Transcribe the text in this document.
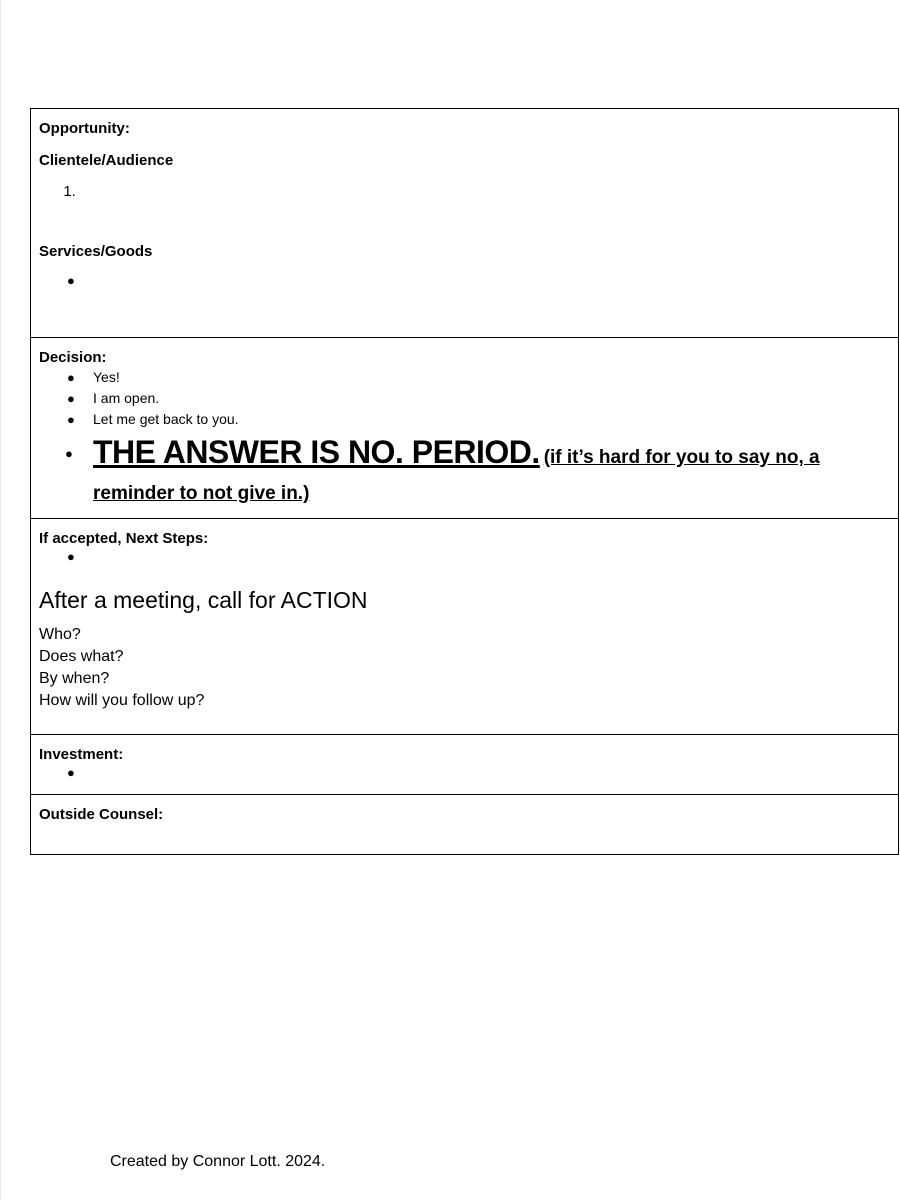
Opportunity:
Clientele/Audience
1.
Services/Goods
●

Decision:
● Yes!
● I am open.
● Let me get back to you.
● THE ANSWER IS NO. PERIOD. (if it’s hard for you to say no, a reminder to not give in.)

If accepted, Next Steps:
●
After a meeting, call for ACTION
Who?
Does what?
By when?
How will you follow up?

Investment:
●

Outside Counsel:
Created by Connor Lott. 2024.
